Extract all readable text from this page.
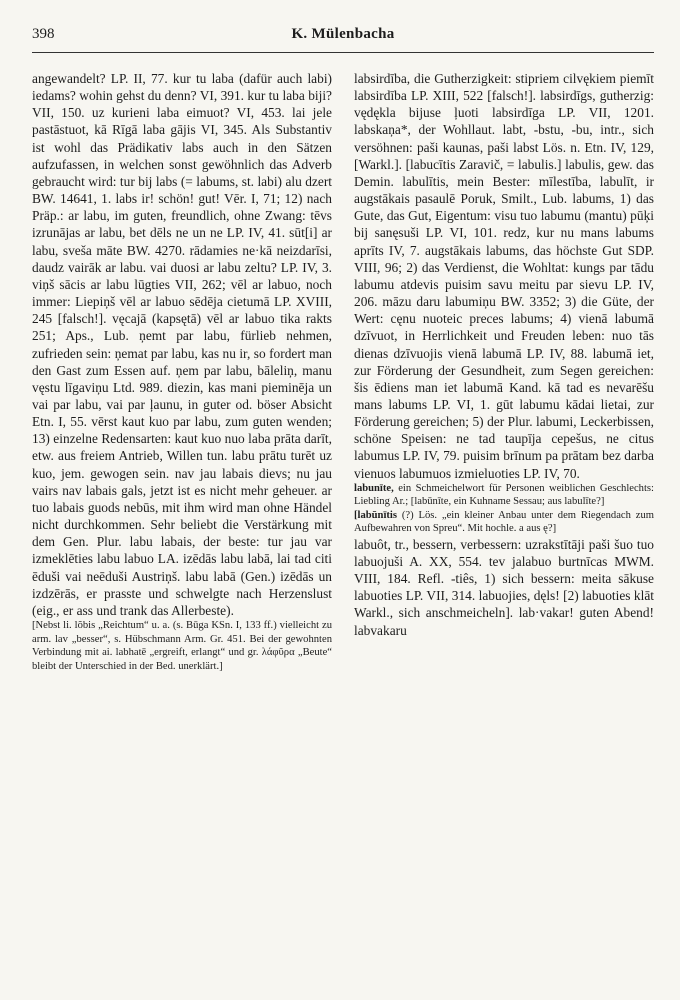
398	K. Mülenbacha

angewandelt? LP. II, 77. kur tu laba (dafür auch labi) iedams? wohin gehst du denn? VI, 391. kur tu laba biji? VII, 150. uz kurieni laba eimuot? VI, 453. lai jele pastāstuot, kā Rīgā laba gājis VI, 345. Als Substantiv ist wohl das Prädikativ labs auch in den Sätzen aufzufassen, in welchen sonst gewöhnlich das Adverb gebraucht wird: tur bij labs (= labums, st. labi) alu dzert BW. 14641, 1. labs ir! schön! gut! Vēr. I, 71; 12) nach Präp.: ar labu, im guten, freundlich, ohne Zwang: tēvs izrunājas ar labu, bet dēls ne un ne LP. IV, 41. sūt[i] ar labu, sveša māte BW. 4270. rādamies ne·kā neizdarīsi, daudz vairāk ar labu. vai duosi ar labu zeltu? LP. IV, 3. viņš sācis ar labu lūgties VII, 262; vēl ar labuo, noch immer: Liepiņš vēl ar labuo sēdēja cietumā LP. XVIII, 245 [falsch!]. vęcajā (kapsętā) vēl ar labuo tika rakts 251; Aps., Lub. ņemt par labu, fürlieb nehmen, zufrieden sein: ņemat par labu, kas nu ir, so fordert man den Gast zum Essen auf. ņem par labu, bāleliņ, manu vęstu līgaviņu Ltd. 989. diezin, kas mani pieminēja un vai par labu, vai par ļaunu, in guter od. böser Absicht Etn. I, 55. vērst kaut kuo par labu, zum guten wenden; 13) einzelne Redensarten: kaut kuo nuo laba prāta darīt, etw. aus freiem Antrieb, Willen tun. labu prātu turēt uz kuo, jem. gewogen sein. nav jau labais dievs; nu jau vairs nav labais gals, jetzt ist es nicht mehr geheuer. ar tuo labais guods nebūs, mit ihm wird man ohne Händel nicht durchkommen. Sehr beliebt die Verstärkung mit dem Gen. Plur. labu labais, der beste: tur jau var izmeklēties labu labuo LA. izēdās labu labā, lai tad citi ēduši vai neēduši Austriņš. labu labā (Gen.) izēdās un izdzērās, er prasste und schwelgte nach Herzenslust (eig., er ass und trank das Allerbeste).

[Nebst li. lõbis „Reichtum“ u. a. (s. Būga KSn. I, 133 ff.) vielleicht zu arm. lav „besser“, s. Hübschmann Arm. Gr. 451. Bei der gewohnten Verbindung mit ai. labhatē „ergreift, erlangt“ und gr. λάφῦρα „Beute“ bleibt der Unterschied in der Bed. unerklärt.]

labsirdība, die Gutherzigkeit: stipriem cilvękiem piemīt labsirdība LP. XIII, 522 [falsch!]. labsirdīgs, gutherzig: vędękla bijuse ļuoti labsirdīga LP. VII, 1201. labskaņa*, der Wohllaut. labt, -bstu, -bu, intr., sich versöhnen: paši kaunas, paši labst Lös. n. Etn. IV, 129, [Warkl.]. [labucītis Zaravič, = labulis.] labulis, gew. das Demin. labulītis, mein Bester: mīlestība, labulīt, ir augstākais pasaulē Poruk, Smilt., Lub. labums, 1) das Gute, das Gut, Eigentum: visu tuo labumu (mantu) pūķi bij sanęsuši LP. VI, 101. redz, kur nu mans labums aprīts IV, 7. augstākais labums, das höchste Gut SDP. VIII, 96; 2) das Verdienst, die Wohltat: kungs par tādu labumu atdevis puisim savu meitu par sievu LP. IV, 206. māzu daru labumiņu BW. 3352; 3) die Güte, der Wert: cęnu nuoteic preces labums; 4) vienā labumā dzīvuot, in Herrlichkeit und Freuden leben: nuo tās dienas dzīvuojis vienā labumā LP. IV, 88. labumā iet, zur Förderung der Gesundheit, zum Segen gereichen: šis ēdiens man iet labumā Kand. kā tad es nevarēšu mans labums LP. VI, 1. gūt labumu kādai lietai, zur Förderung gereichen; 5) der Plur. labumi, Leckerbissen, schöne Speisen: ne tad taupīja cepešus, ne citus labumus LP. IV, 79. puisim brīnum pa prātam bez darba vienuos labumuos izmieluoties LP. IV, 70.

labunīte, ein Schmeichelwort für Personen weiblichen Geschlechts: Liebling Ar.; [labūnīte, ein Kuhname Sessau; aus labulīte?]

[labūnītis (?) Lös. „ein kleiner Anbau unter dem Riegendach zum Aufbewahren von Spreu“. Mit hochle. a aus ę?]

labuôt, tr., bessern, verbessern: uzrakstītāji paši šuo tuo labuojuši A. XX, 554. tev jalabuo burtnīcas MWM. VIII, 184. Refl. -tiês, 1) sich bessern: meita sākuse labuoties LP. VII, 314. labuojies, dęls! [2) labuoties klāt Warkl., sich anschmeicheln]. lab·vakar! guten Abend! labvakaru
